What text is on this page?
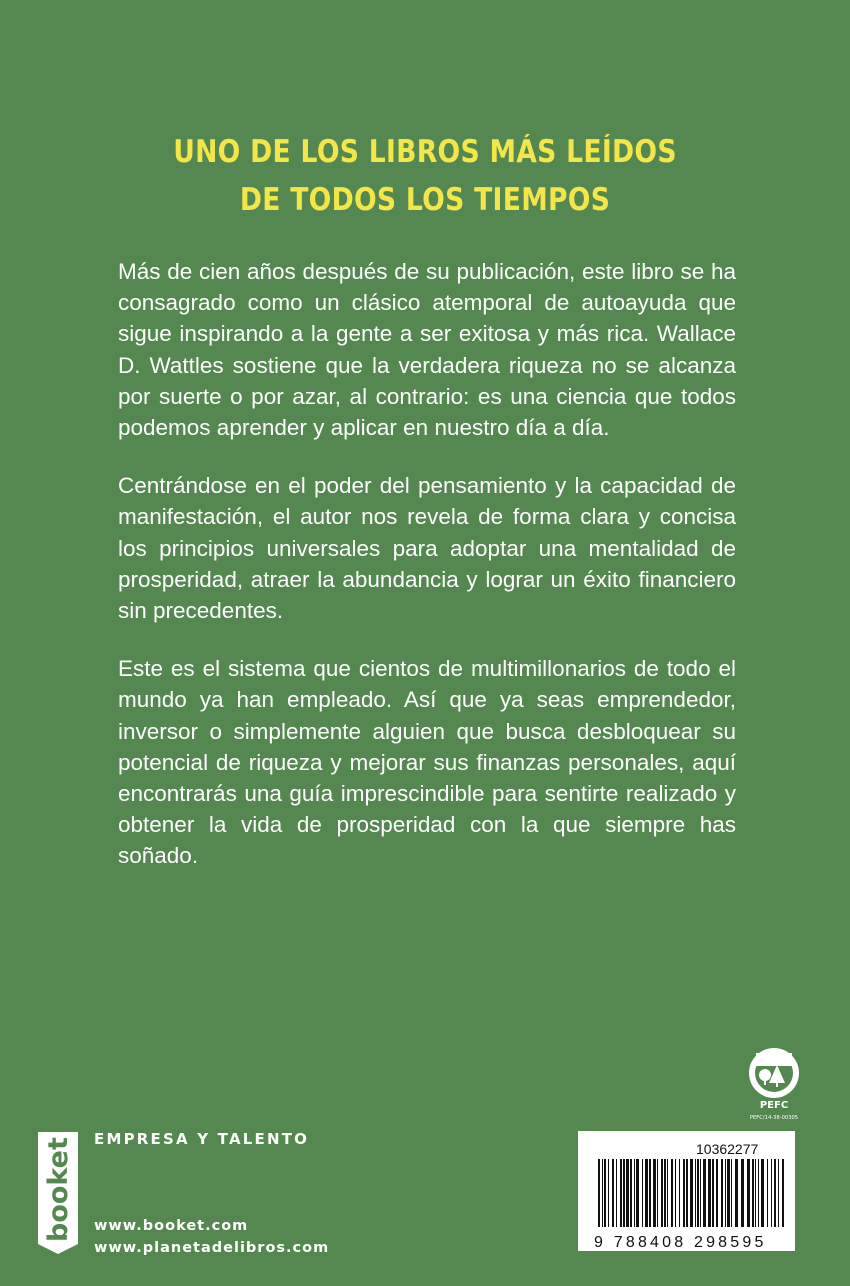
UNO DE LOS LIBROS MÁS LEÍDOS
DE TODOS LOS TIEMPOS

Más de cien años después de su publicación, este libro se ha consagrado como un clásico atemporal de autoayuda que sigue inspirando a la gente a ser exitosa y más rica. Wallace D. Wattles sostiene que la verdadera riqueza no se alcanza por suerte o por azar, al contrario: es una ciencia que todos podemos aprender y aplicar en nuestro día a día.

Centrándose en el poder del pensamiento y la capacidad de manifestación, el autor nos revela de forma clara y concisa los principios universales para adoptar una mentalidad de prosperidad, atraer la abundancia y lograr un éxito financiero sin precedentes.

Este es el sistema que cientos de multimillonarios de todo el mundo ya han empleado. Así que ya seas emprendedor, inversor o simplemente alguien que busca desbloquear su potencial de riqueza y mejorar sus finanzas personales, aquí encontrarás una guía imprescindible para sentirte realizado y obtener la vida de prosperidad con la que siempre has soñado.

PEFC
PEFC/14-38-00305
EMPRESA Y TALENTO
www.booket.com
www.planetadelibros.com
booket
9 788408 298595
10362277
